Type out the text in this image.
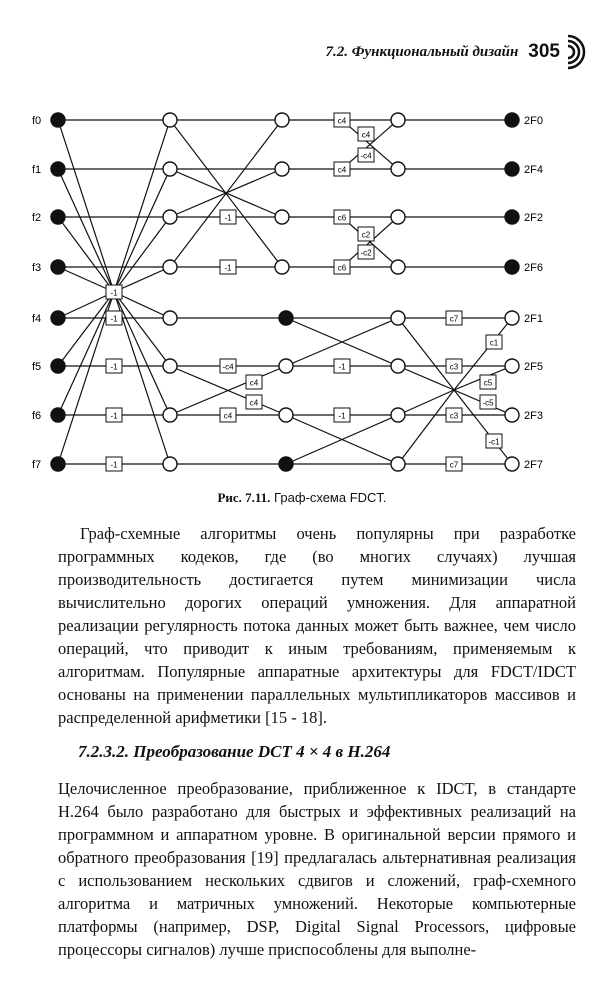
7.2. Функциональный дизайн 305
-1
-1
-1
-1
-1
-1
-1
-c4
c4
c4
c4
-1
-1
c4
c4
c4
-c4
c6
c2
-c2
c6
c7
c1
c3
c5
-c5
c3
-c1
c7
f0
f1
f2
f3
f4
f5
f6
f7
2F0
2F4
2F2
2F6
2F1
2F5
2F3
2F7
Рис. 7.11. Граф-схема FDCT.

Граф-схемные алгоритмы очень популярны при разработке программных кодеков, где (во многих случаях) лучшая производительность достигается путем минимизации числа вычислительно дорогих операций умножения. Для аппаратной реализации регулярность потока данных может быть важнее, чем число операций, что приводит к иным требованиям, применяемым к алгоритмам. Популярные аппаратные архитектуры для FDCT/IDCT основаны на применении параллельных мультипликаторов массивов и распределенной арифметики [15 - 18].

7.2.3.2. Преобразование DCT 4 × 4 в H.264

Целочисленное преобразование, приближенное к IDCT, в стандарте H.264 было разработано для быстрых и эффективных реализаций на программном и аппаратном уровне. В оригинальной версии прямого и обратного преобразования [19] предлагалась альтернативная реализация с использованием нескольких сдвигов и сложений, граф-схемного алгоритма и матричных умножений. Некоторые компьютерные платформы (например, DSP, Digital Signal Processors, цифровые процессоры сигналов) лучше приспособлены для выполне-
